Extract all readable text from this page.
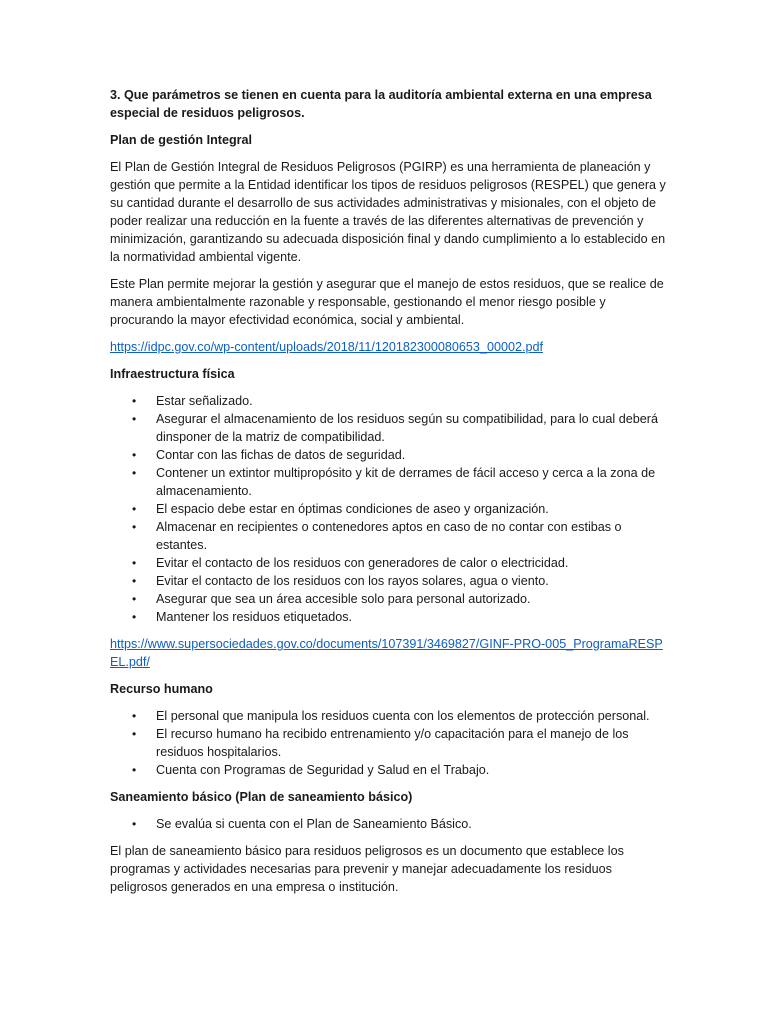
3. Que parámetros se tienen en cuenta para la auditoría ambiental externa en una empresa especial de residuos peligrosos.

Plan de gestión Integral

El Plan de Gestión Integral de Residuos Peligrosos (PGIRP) es una herramienta de planeación y gestión que permite a la Entidad identificar los tipos de residuos peligrosos (RESPEL) que genera y su cantidad durante el desarrollo de sus actividades administrativas y misionales, con el objeto de poder realizar una reducción en la fuente a través de las diferentes alternativas de prevención y minimización, garantizando su adecuada disposición final y dando cumplimiento a lo establecido en la normatividad ambiental vigente.

Este Plan permite mejorar la gestión y asegurar que el manejo de estos residuos, que se realice de manera ambientalmente razonable y responsable, gestionando el menor riesgo posible y procurando la mayor efectividad económica, social y ambiental.

https://idpc.gov.co/wp-content/uploads/2018/11/120182300080653_00002.pdf

Infraestructura física

• Estar señalizado.
• Asegurar el almacenamiento de los residuos según su compatibilidad, para lo cual deberá dinsponer de la matriz de compatibilidad.
• Contar con las fichas de datos de seguridad.
• Contener un extintor multipropósito y kit de derrames de fácil acceso y cerca a la zona de almacenamiento.
• El espacio debe estar en óptimas condiciones de aseo y organización.
• Almacenar en recipientes o contenedores aptos en caso de no contar con estibas o estantes.
• Evitar el contacto de los residuos con generadores de calor o electricidad.
• Evitar el contacto de los residuos con los rayos solares, agua o viento.
• Asegurar que sea un área accesible solo para personal autorizado.
• Mantener los residuos etiquetados.
https://www.supersociedades.gov.co/documents/107391/3469827/GINF-PRO-005_ProgramaRESPEL.pdf/

Recurso humano

• El personal que manipula los residuos cuenta con los elementos de protección personal.
• El recurso humano ha recibido entrenamiento y/o capacitación para el manejo de los residuos hospitalarios.
• Cuenta con Programas de Seguridad y Salud en el Trabajo.

Saneamiento básico (Plan de saneamiento básico)

• Se evalúa si cuenta con el Plan de Saneamiento Básico.

El plan de saneamiento básico para residuos peligrosos es un documento que establece los programas y actividades necesarias para prevenir y manejar adecuadamente los residuos peligrosos generados en una empresa o institución.
